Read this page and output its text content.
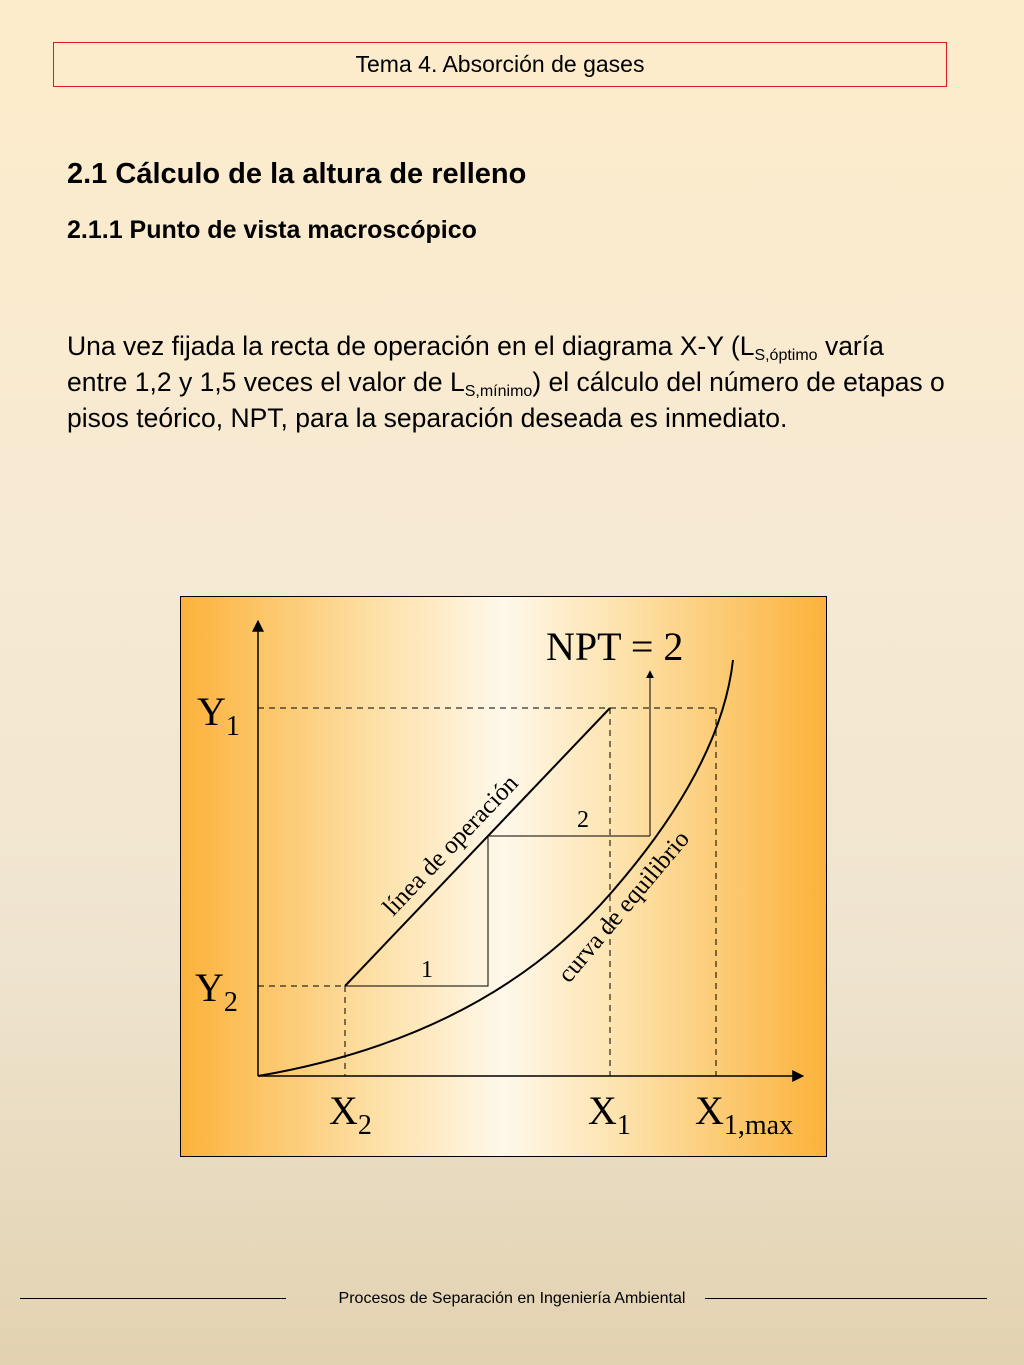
Tema 4. Absorción de gases
2.1 Cálculo de la altura de relleno
2.1.1 Punto de vista macroscópico
Una vez fijada la recta de operación en el diagrama X-Y ($L_{S,óptimo}$ varía entre 1,2 y 1,5 veces el valor de $L_{S,mínimo}$) el cálculo del número de etapas o pisos teórico, NPT, para la separación deseada es inmediato.
NPT = 2
$Y_1$
$Y_2$
$X_2$	$X_1$ $X_{1,max}$
línea de operación curva de equilibrio
1
2
Procesos de Separación en Ingeniería Ambiental
